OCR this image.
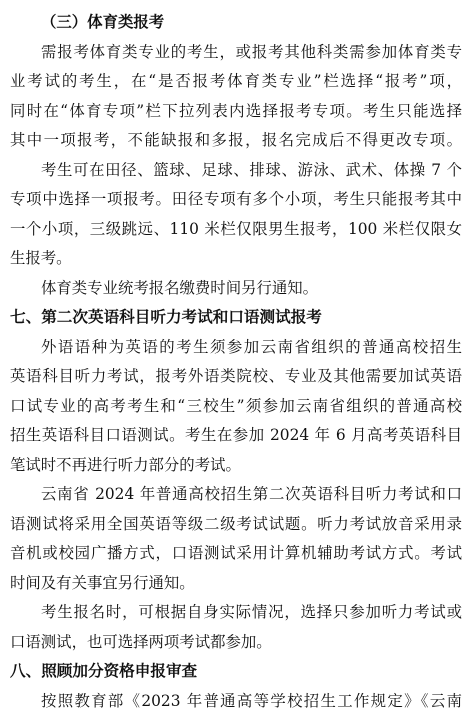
（三）体育类报考
需报考体育类专业的考生，或报考其他科类需参加体育类专
业考试的考生，在“是否报考体育类专业”栏选择“报考”项，
同时在“体育专项”栏下拉列表内选择报考专项。考生只能选择
其中一项报考，不能缺报和多报，报名完成后不得更改专项。
考生可在田径、篮球、足球、排球、游泳、武术、体操 7 个
专项中选择一项报考。田径专项有多个小项，考生只能报考其中
一个小项，三级跳远、110 米栏仅限男生报考，100 米栏仅限女
生报考。
体育类专业统考报名缴费时间另行通知。
七、第二次英语科目听力考试和口语测试报考
外语语种为英语的考生须参加云南省组织的普通高校招生
英语科目听力考试，报考外语类院校、专业及其他需要加试英语
口试专业的高考考生和“三校生”须参加云南省组织的普通高校
招生英语科目口语测试。考生在参加 2024 年 6 月高考英语科目
笔试时不再进行听力部分的考试。
云南省 2024 年普通高校招生第二次英语科目听力考试和口
语测试将采用全国英语等级二级考试试题。听力考试放音采用录
音机或校园广播方式，口语测试采用计算机辅助考试方式。考试
时间及有关事宜另行通知。
考生报名时，可根据自身实际情况，选择只参加听力考试或
口语测试，也可选择两项考试都参加。
八、照顾加分资格申报审查
按照教育部《2023 年普通高等学校招生工作规定》《云南
